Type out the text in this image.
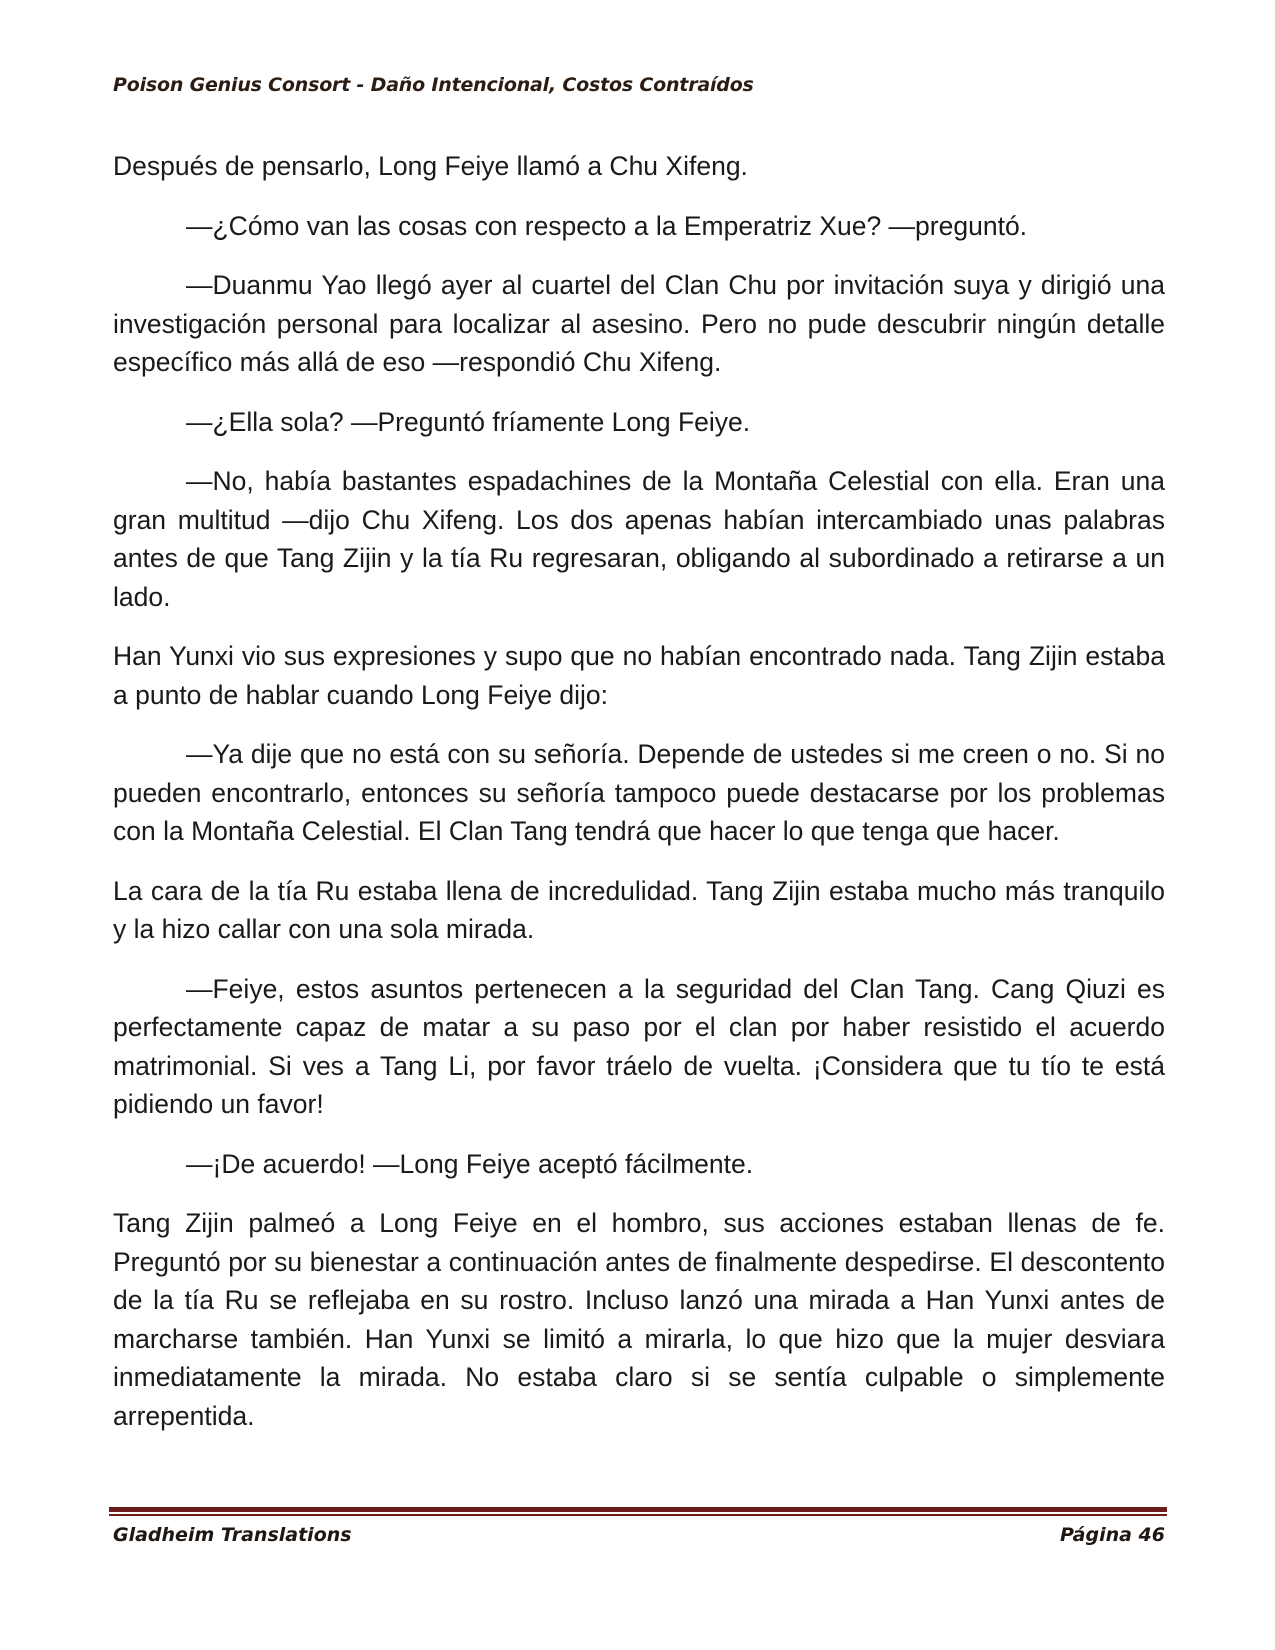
Poison Genius Consort - Daño Intencional, Costos Contraídos

Después de pensarlo, Long Feiye llamó a Chu Xifeng.

—¿Cómo van las cosas con respecto a la Emperatriz Xue? —preguntó.

—Duanmu Yao llegó ayer al cuartel del Clan Chu por invitación suya y dirigió una investigación personal para localizar al asesino. Pero no pude descubrir ningún detalle específico más allá de eso —respondió Chu Xifeng.

—¿Ella sola? —Preguntó fríamente Long Feiye.

—No, había bastantes espadachines de la Montaña Celestial con ella. Eran una gran multitud —dijo Chu Xifeng. Los dos apenas habían intercambiado unas palabras antes de que Tang Zijin y la tía Ru regresaran, obligando al subordinado a retirarse a un lado.

Han Yunxi vio sus expresiones y supo que no habían encontrado nada. Tang Zijin estaba a punto de hablar cuando Long Feiye dijo:

—Ya dije que no está con su señoría. Depende de ustedes si me creen o no. Si no pueden encontrarlo, entonces su señoría tampoco puede destacarse por los problemas con la Montaña Celestial. El Clan Tang tendrá que hacer lo que tenga que hacer.

La cara de la tía Ru estaba llena de incredulidad. Tang Zijin estaba mucho más tranquilo y la hizo callar con una sola mirada.

—Feiye, estos asuntos pertenecen a la seguridad del Clan Tang. Cang Qiuzi es perfectamente capaz de matar a su paso por el clan por haber resistido el acuerdo matrimonial. Si ves a Tang Li, por favor tráelo de vuelta. ¡Considera que tu tío te está pidiendo un favor!

—¡De acuerdo! —Long Feiye aceptó fácilmente.

Tang Zijin palmeó a Long Feiye en el hombro, sus acciones estaban llenas de fe. Preguntó por su bienestar a continuación antes de finalmente despedirse. El descontento de la tía Ru se reflejaba en su rostro. Incluso lanzó una mirada a Han Yunxi antes de marcharse también. Han Yunxi se limitó a mirarla, lo que hizo que la mujer desviara inmediatamente la mirada. No estaba claro si se sentía culpable o simplemente arrepentida.

Gladheim Translations	Página 46
